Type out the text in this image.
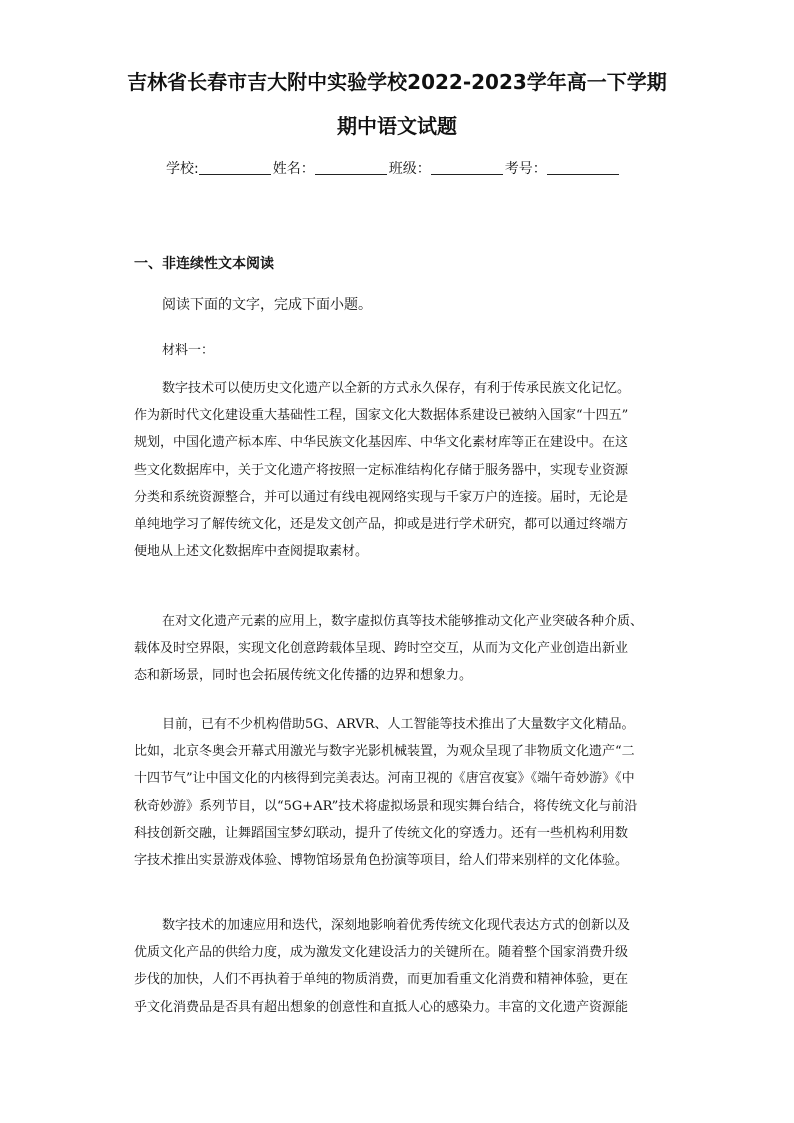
吉林省长春市吉大附中实验学校2022-2023学年高一下学期
期中语文试题
学校:	姓名：	班级：	考号：
一、非连续性文本阅读
阅读下面的文字，完成下面小题。
材料一：
数字技术可以使历史文化遗产以全新的方式永久保存，有利于传承民族文化记忆。
作为新时代文化建设重大基础性工程，国家文化大数据体系建设已被纳入国家“十四五”
规划，中国化遗产标本库、中华民族文化基因库、中华文化素材库等正在建设中。在这
些文化数据库中，关于文化遗产将按照一定标准结构化存储于服务器中，实现专业资源
分类和系统资源整合，并可以通过有线电视网络实现与千家万户的连接。届时，无论是
单纯地学习了解传统文化，还是发文创产品，抑或是进行学术研究，都可以通过终端方
便地从上述文化数据库中查阅提取素材。
在对文化遗产元素的应用上，数字虚拟仿真等技术能够推动文化产业突破各种介质、
载体及时空界限，实现文化创意跨载体呈现、跨时空交互，从而为文化产业创造出新业
态和新场景，同时也会拓展传统文化传播的边界和想象力。
目前，已有不少机构借助5G、ARVR、人工智能等技术推出了大量数字文化精品。
比如，北京冬奥会开幕式用激光与数字光影机械装置，为观众呈现了非物质文化遗产“二
十四节气”让中国文化的内核得到完美表达。河南卫视的《唐宫夜宴》《端午奇妙游》《中
秋奇妙游》系列节目，以“5G+AR”技术将虚拟场景和现实舞台结合，将传统文化与前沿
科技创新交融，让舞蹈国宝梦幻联动，提升了传统文化的穿透力。还有一些机构利用数
字技术推出实景游戏体验、博物馆场景角色扮演等项目，给人们带来别样的文化体验。
数字技术的加速应用和迭代，深刻地影响着优秀传统文化现代表达方式的创新以及
优质文化产品的供给力度，成为激发文化建设活力的关键所在。随着整个国家消费升级
步伐的加快，人们不再执着于单纯的物质消费，而更加看重文化消费和精神体验，更在
乎文化消费品是否具有超出想象的创意性和直抵人心的感染力。丰富的文化遗产资源能
